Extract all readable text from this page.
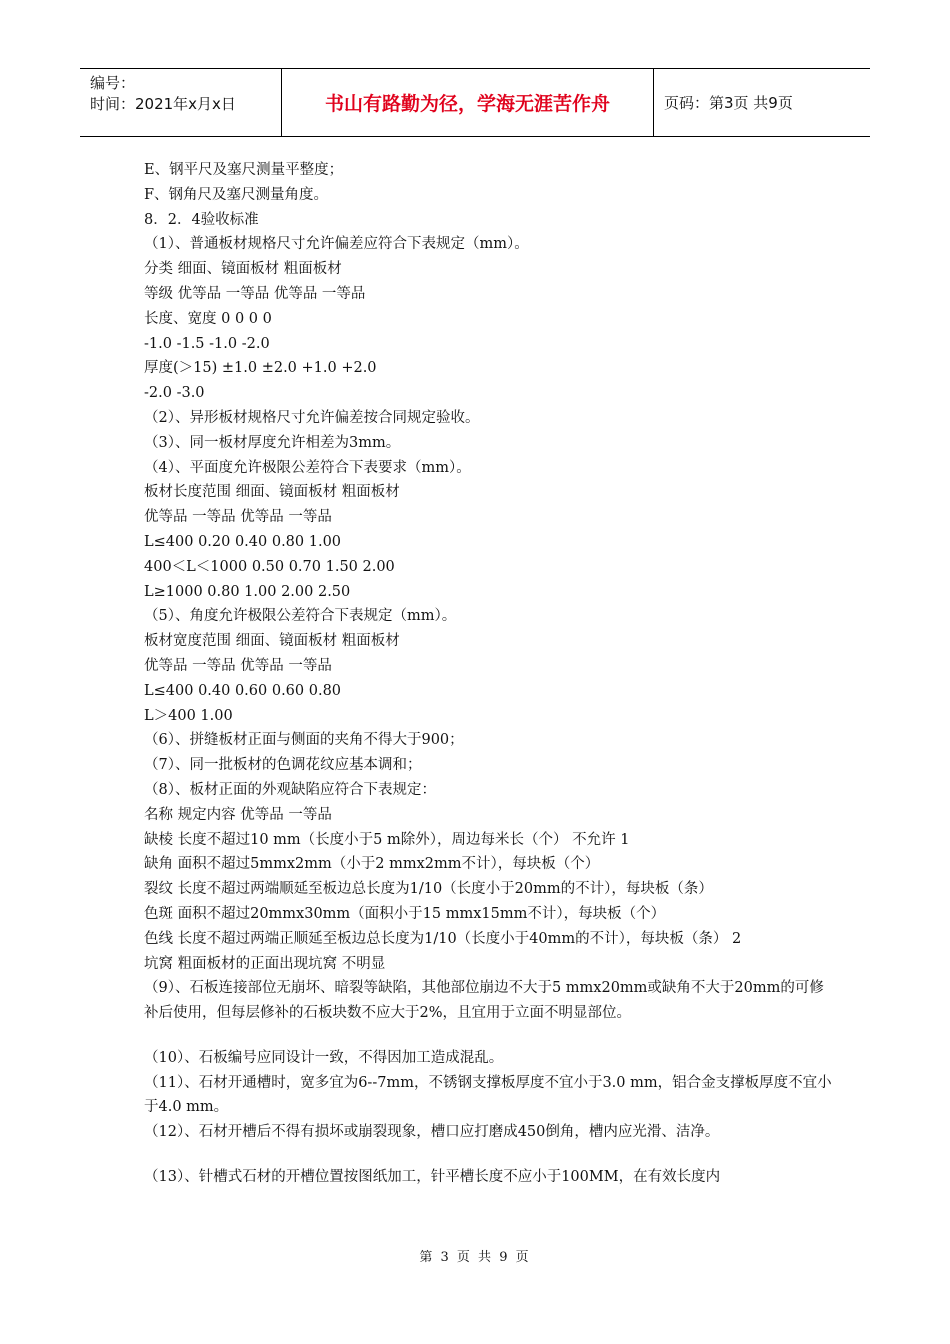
编号：
时间：2021年x月x日	书山有路勤为径，学海无涯苦作舟	页码：第3页 共9页
E、钢平尺及塞尺测量平整度；
F、钢角尺及塞尺测量角度。
8．2．4验收标准
（1）、普通板材规格尺寸允许偏差应符合下表规定（mm）。
分类 细面、镜面板材 粗面板材
等级 优等品 一等品 优等品 一等品
长度、宽度 0 0 0 0
-1.0 -1.5 -1.0 -2.0
厚度(＞15) ±1.0 ±2.0 +1.0 +2.0
-2.0 -3.0
（2）、异形板材规格尺寸允许偏差按合同规定验收。
（3）、同一板材厚度允许相差为3mm。
（4）、平面度允许极限公差符合下表要求（mm）。
板材长度范围 细面、镜面板材 粗面板材
优等品 一等品 优等品 一等品
L≤400 0.20 0.40 0.80 1.00
400＜L＜1000 0.50 0.70 1.50 2.00
L≥1000 0.80 1.00 2.00 2.50
（5）、角度允许极限公差符合下表规定（mm）。
板材宽度范围 细面、镜面板材 粗面板材
优等品 一等品 优等品 一等品
L≤400 0.40 0.60 0.60 0.80
L＞400 1.00
（6）、拼缝板材正面与侧面的夹角不得大于900；
（7）、同一批板材的色调花纹应基本调和；
（8）、板材正面的外观缺陷应符合下表规定：
名称 规定内容 优等品 一等品
缺棱 长度不超过10 mm（长度小于5 m除外），周边每米长（个） 不允许 1
缺角 面积不超过5mmx2mm（小于2 mmx2mm不计），每块板（个）
裂纹 长度不超过两端顺延至板边总长度为1/10（长度小于20mm的不计），每块板（条）
色斑 面积不超过20mmx30mm（面积小于15 mmx15mm不计），每块板（个）
色线 长度不超过两端正顺延至板边总长度为1/10（长度小于40mm的不计），每块板（条） 2
坑窝 粗面板材的正面出现坑窝 不明显
（9）、石板连接部位无崩坏、暗裂等缺陷，其他部位崩边不大于5 mmx20mm或缺角不大于20mm的可修补后使用，但每层修补的石板块数不应大于2%，且宜用于立面不明显部位。
（10）、石板编号应同设计一致，不得因加工造成混乱。
（11）、石材开通槽时，宽多宜为6--7mm，不锈钢支撑板厚度不宜小于3.0 mm，铝合金支撑板厚度不宜小于4.0 mm。
（12）、石材开槽后不得有损坏或崩裂现象，槽口应打磨成450倒角，槽内应光滑、洁净。
（13）、针槽式石材的开槽位置按图纸加工，针平槽长度不应小于100MM，在有效长度内
第 3 页 共 9 页
